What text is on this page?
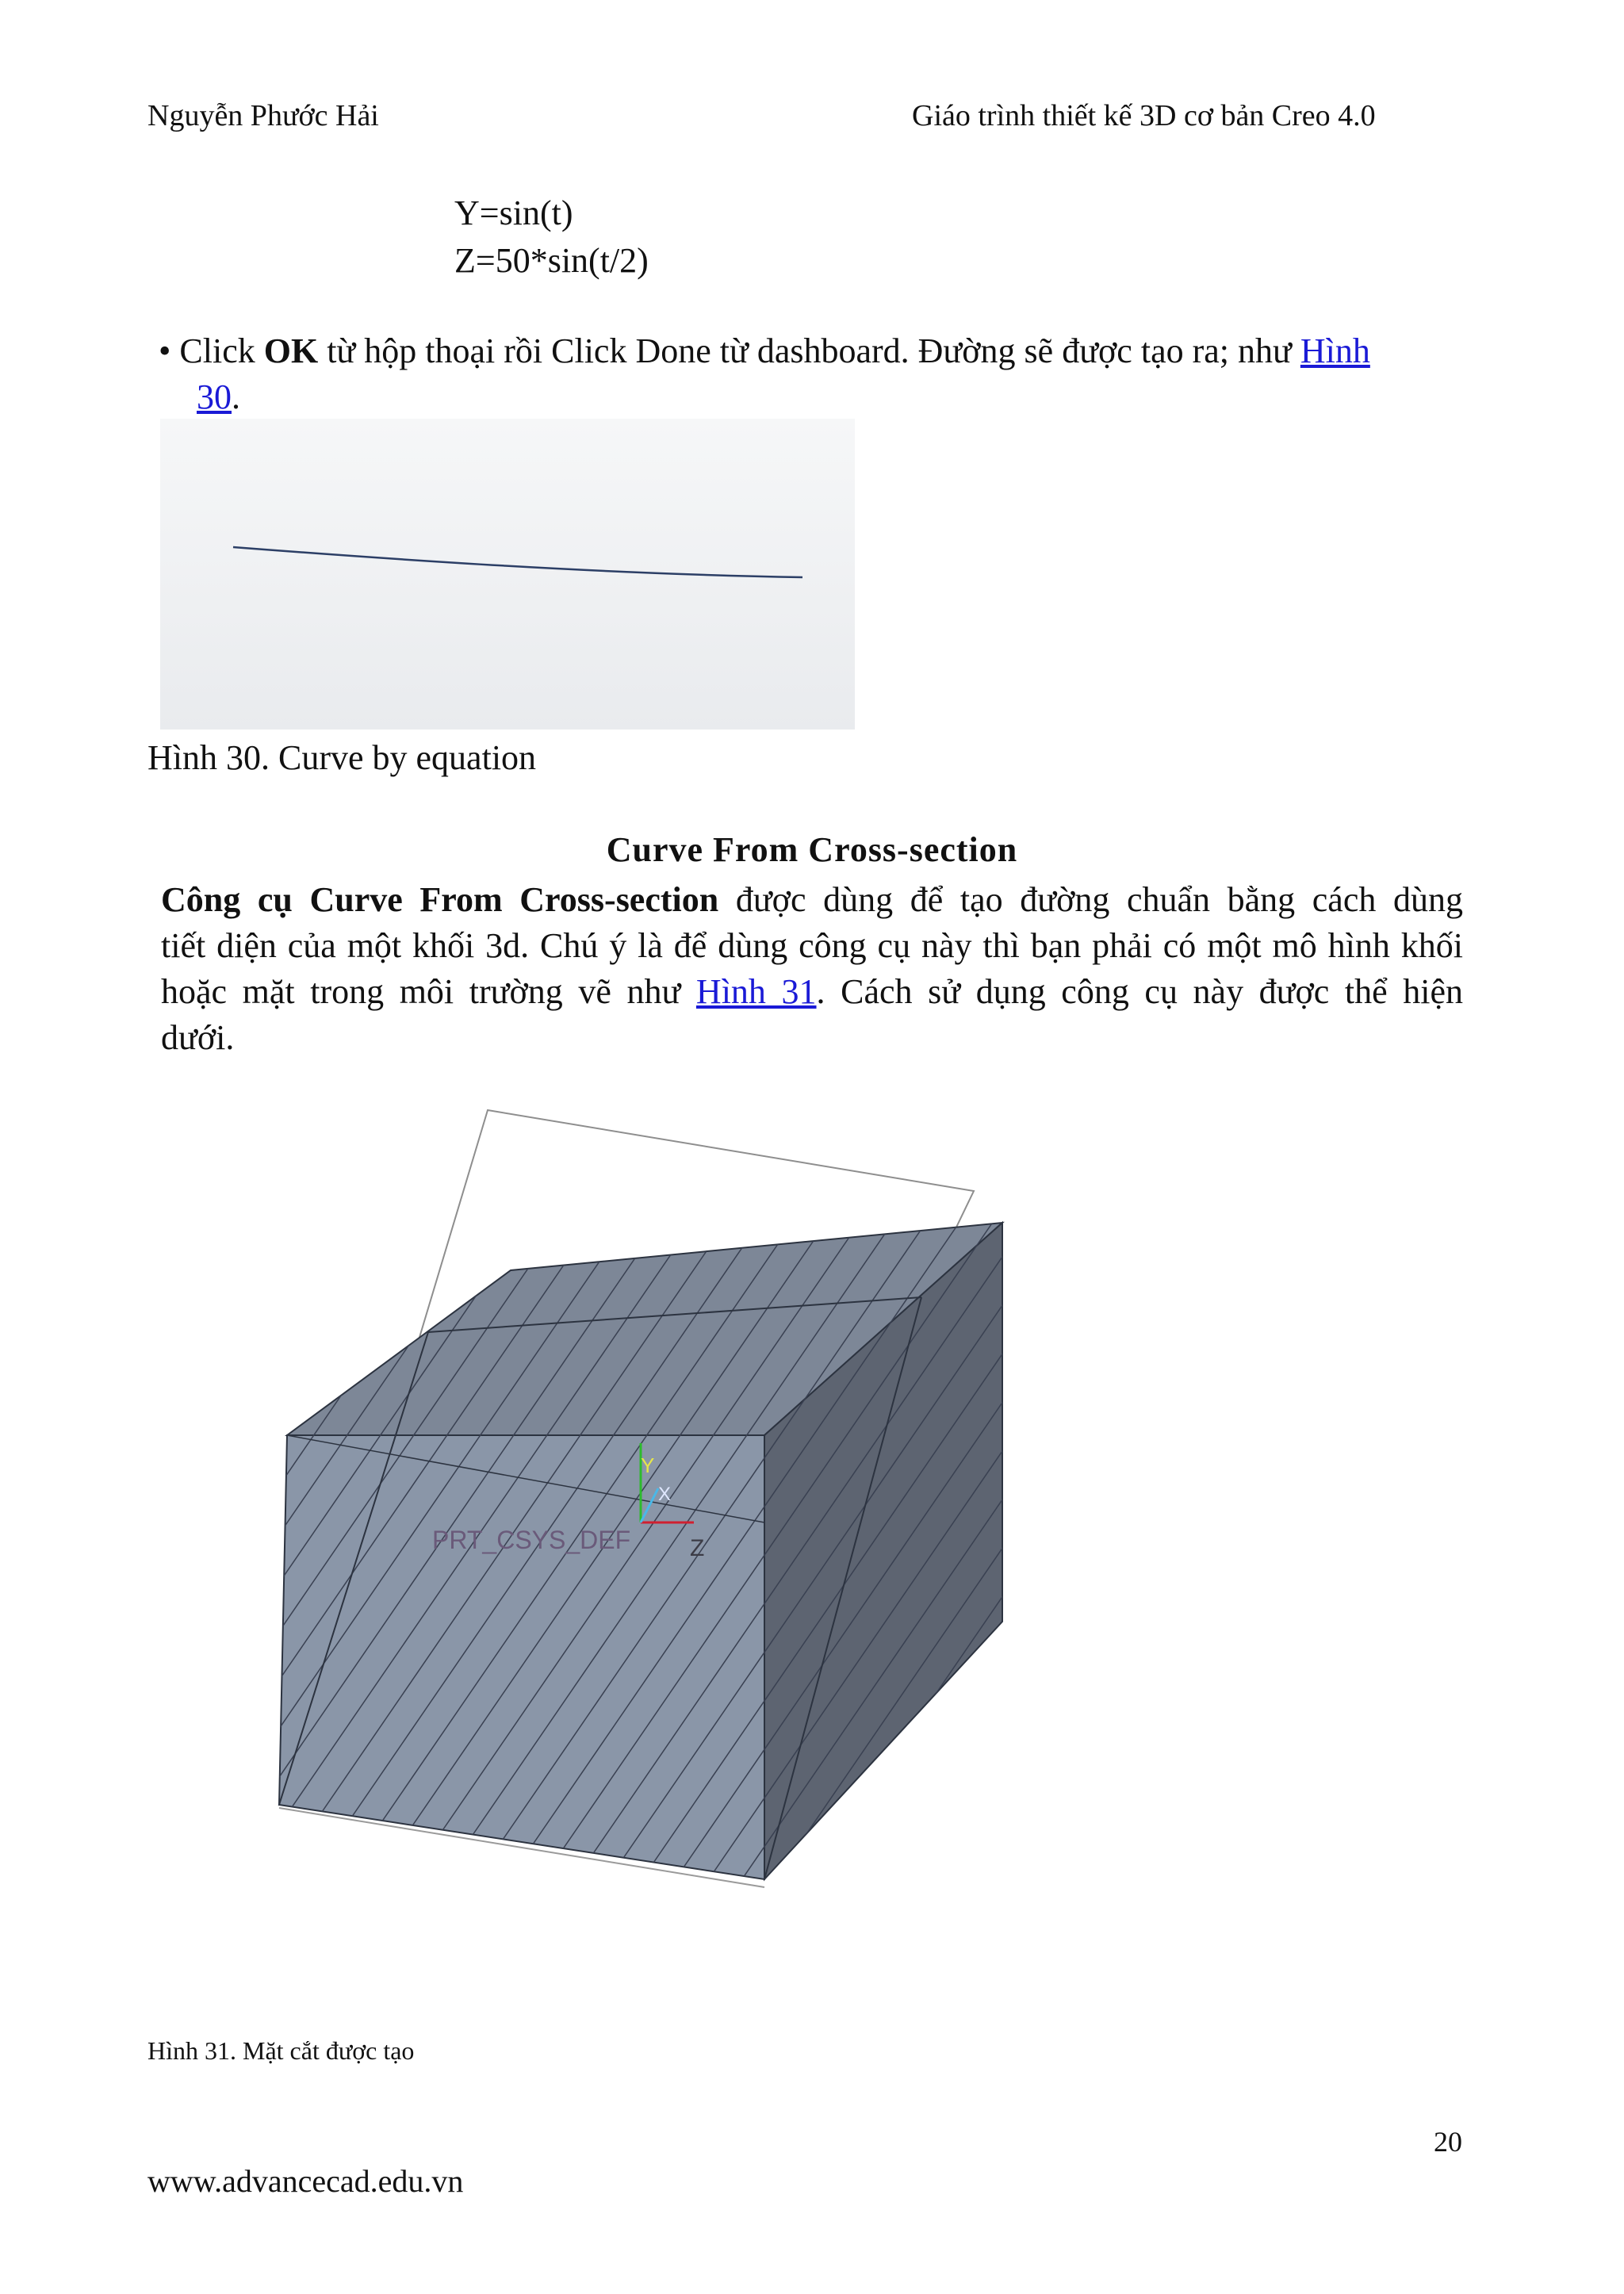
Nguyễn Phước Hải	Giáo trình thiết kế 3D cơ bản Creo 4.0
Y=sin(t)
Z=50*sin(t/2)
• Click OK từ hộp thoại rồi Click Done từ dashboard. Đường sẽ được tạo ra; như Hình
30.
Hình 30. Curve by equation
Curve From Cross-section
Công cụ Curve From Cross-section được dùng để tạo đường chuẩn bằng cách dùng
tiết diện của một khối 3d. Chú ý là để dùng công cụ này thì bạn phải có một mô hình khối
hoặc mặt trong môi trường vẽ như Hình 31. Cách sử dụng công cụ này được thể hiện
dưới.
Y
X
Z
PRT_CSYS_DEF
Hình 31. Mặt cắt được tạo
20
www.advancecad.edu.vn
